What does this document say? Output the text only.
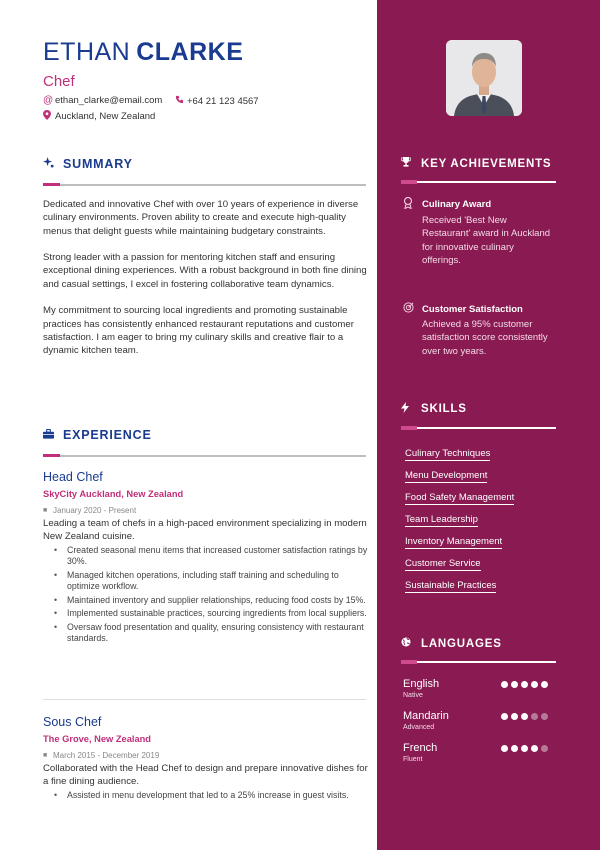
ETHAN CLARKE
Chef
@ ethan_clarke@email.com	+64 21 123 4567
Auckland, New Zealand
SUMMARY

Dedicated and innovative Chef with over 10 years of experience in diverse culinary environments. Proven ability to create and execute high-quality menus that delight guests while maintaining budgetary constraints.

Strong leader with a passion for mentoring kitchen staff and ensuring exceptional dining experiences. With a robust background in both fine dining and casual settings, I excel in fostering collaborative team dynamics.

My commitment to sourcing local ingredients and promoting sustainable practices has consistently enhanced restaurant reputations and customer satisfaction. I am eager to bring my culinary skills and creative flair to a dynamic kitchen team.

EXPERIENCE
Head Chef
SkyCity Auckland, New Zealand
■ January 2020 - Present
Leading a team of chefs in a high-paced environment specializing in modern New Zealand cuisine.
• Created seasonal menu items that increased customer satisfaction ratings by 30%.
• Managed kitchen operations, including staff training and scheduling to optimize workflow.
• Maintained inventory and supplier relationships, reducing food costs by 15%.
• Implemented sustainable practices, sourcing ingredients from local suppliers.
• Oversaw food presentation and quality, ensuring consistency with restaurant standards.
Sous Chef
The Grove, New Zealand
■ March 2015 - December 2019
Collaborated with the Head Chef to design and prepare innovative dishes for a fine dining audience.
• Assisted in menu development that led to a 25% increase in guest visits.
KEY ACHIEVEMENTS
Culinary Award
Received 'Best New Restaurant' award in Auckland for innovative culinary offerings.
Customer Satisfaction
Achieved a 95% customer satisfaction score consistently over two years.
SKILLS
Culinary Techniques
Menu Development
Food Safety Management
Team Leadership
Inventory Management
Customer Service
Sustainable Practices
LANGUAGES
English
Native
Mandarin
Advanced
French
Fluent
